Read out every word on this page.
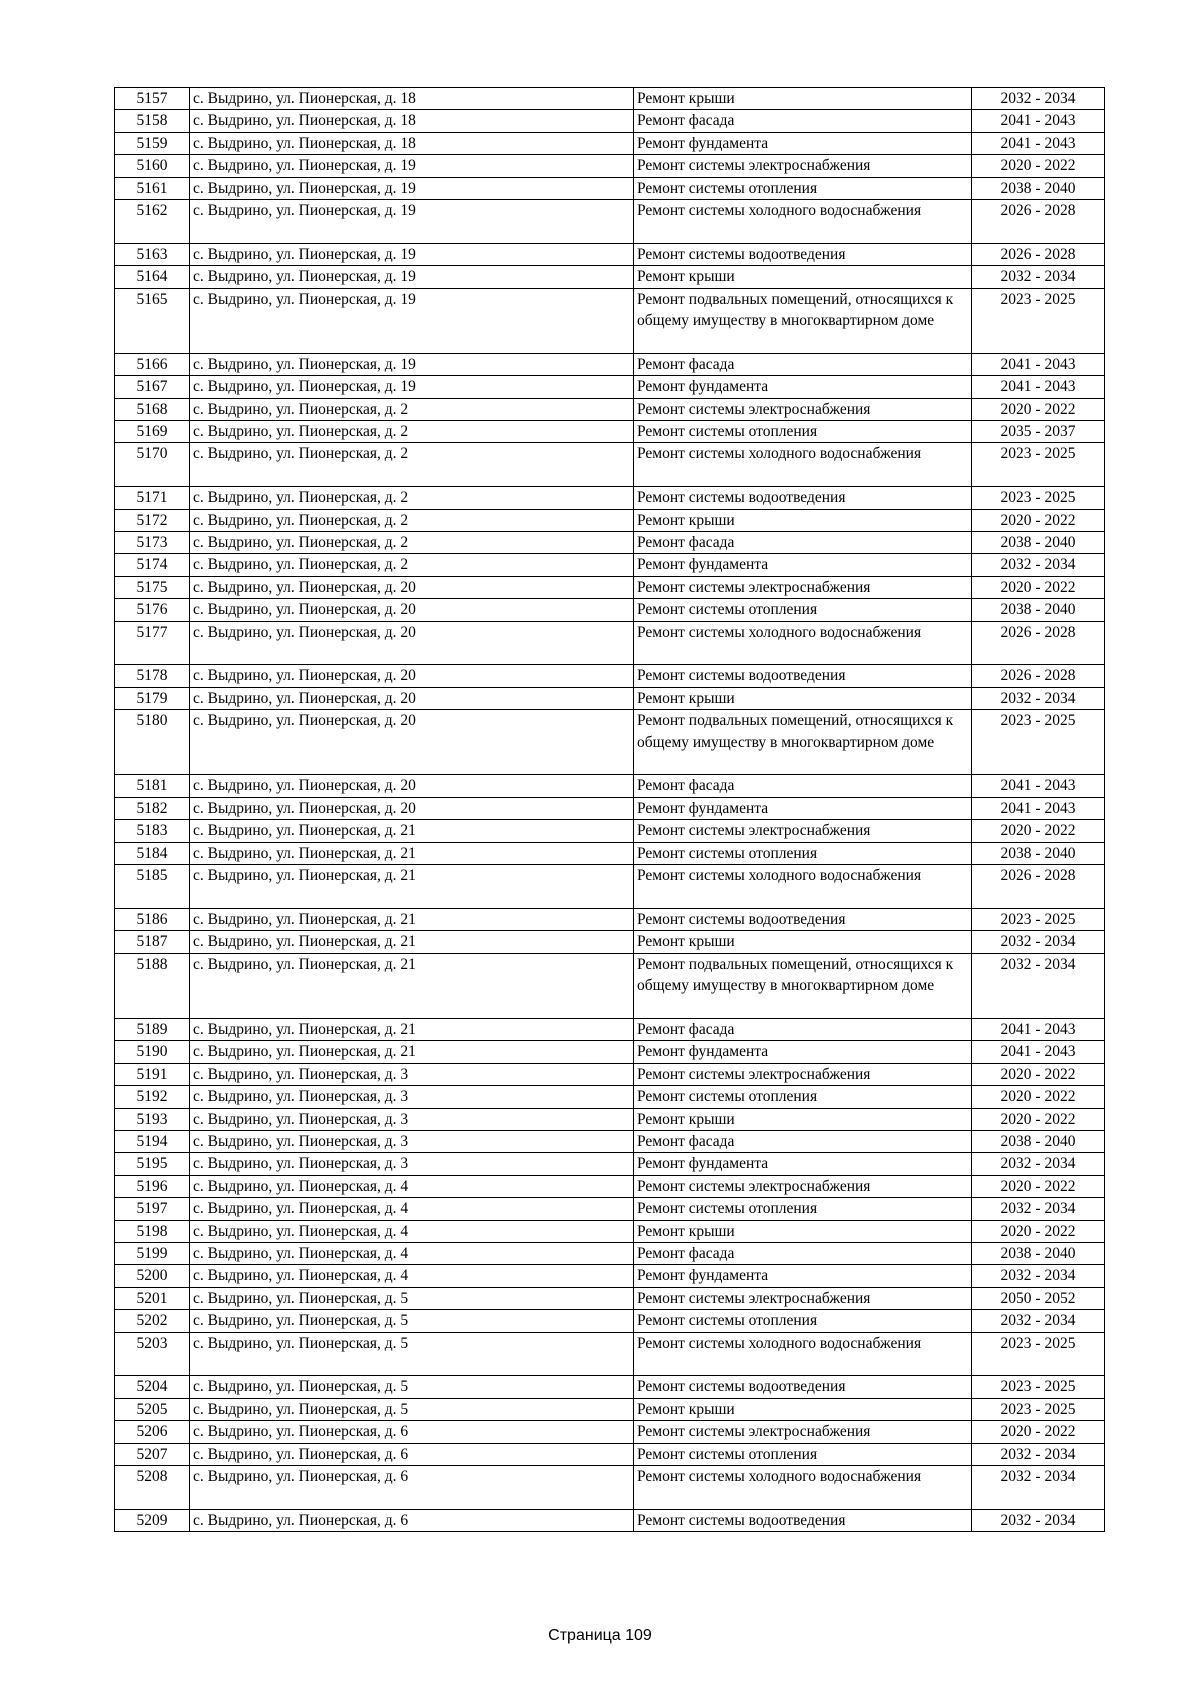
5157	с. Выдрино, ул. Пионерская, д. 18	Ремонт крыши	2032 - 2034
5158	с. Выдрино, ул. Пионерская, д. 18	Ремонт фасада	2041 - 2043
5159	с. Выдрино, ул. Пионерская, д. 18	Ремонт фундамента	2041 - 2043
5160	с. Выдрино, ул. Пионерская, д. 19	Ремонт системы электроснабжения	2020 - 2022
5161	с. Выдрино, ул. Пионерская, д. 19	Ремонт системы отопления	2038 - 2040
5162	с. Выдрино, ул. Пионерская, д. 19	Ремонт системы холодного водоснабжения	2026 - 2028
5163	с. Выдрино, ул. Пионерская, д. 19	Ремонт системы водоотведения	2026 - 2028
5164	с. Выдрино, ул. Пионерская, д. 19	Ремонт крыши	2032 - 2034
5165	с. Выдрино, ул. Пионерская, д. 19	Ремонт подвальных помещений, относящихся к общему имуществу в многоквартирном доме	2023 - 2025
5166	с. Выдрино, ул. Пионерская, д. 19	Ремонт фасада	2041 - 2043
5167	с. Выдрино, ул. Пионерская, д. 19	Ремонт фундамента	2041 - 2043
5168	с. Выдрино, ул. Пионерская, д. 2	Ремонт системы электроснабжения	2020 - 2022
5169	с. Выдрино, ул. Пионерская, д. 2	Ремонт системы отопления	2035 - 2037
5170	с. Выдрино, ул. Пионерская, д. 2	Ремонт системы холодного водоснабжения	2023 - 2025
5171	с. Выдрино, ул. Пионерская, д. 2	Ремонт системы водоотведения	2023 - 2025
5172	с. Выдрино, ул. Пионерская, д. 2	Ремонт крыши	2020 - 2022
5173	с. Выдрино, ул. Пионерская, д. 2	Ремонт фасада	2038 - 2040
5174	с. Выдрино, ул. Пионерская, д. 2	Ремонт фундамента	2032 - 2034
5175	с. Выдрино, ул. Пионерская, д. 20	Ремонт системы электроснабжения	2020 - 2022
5176	с. Выдрино, ул. Пионерская, д. 20	Ремонт системы отопления	2038 - 2040
5177	с. Выдрино, ул. Пионерская, д. 20	Ремонт системы холодного водоснабжения	2026 - 2028
5178	с. Выдрино, ул. Пионерская, д. 20	Ремонт системы водоотведения	2026 - 2028
5179	с. Выдрино, ул. Пионерская, д. 20	Ремонт крыши	2032 - 2034
5180	с. Выдрино, ул. Пионерская, д. 20	Ремонт подвальных помещений, относящихся к общему имуществу в многоквартирном доме	2023 - 2025
5181	с. Выдрино, ул. Пионерская, д. 20	Ремонт фасада	2041 - 2043
5182	с. Выдрино, ул. Пионерская, д. 20	Ремонт фундамента	2041 - 2043
5183	с. Выдрино, ул. Пионерская, д. 21	Ремонт системы электроснабжения	2020 - 2022
5184	с. Выдрино, ул. Пионерская, д. 21	Ремонт системы отопления	2038 - 2040
5185	с. Выдрино, ул. Пионерская, д. 21	Ремонт системы холодного водоснабжения	2026 - 2028
5186	с. Выдрино, ул. Пионерская, д. 21	Ремонт системы водоотведения	2023 - 2025
5187	с. Выдрино, ул. Пионерская, д. 21	Ремонт крыши	2032 - 2034
5188	с. Выдрино, ул. Пионерская, д. 21	Ремонт подвальных помещений, относящихся к общему имуществу в многоквартирном доме	2032 - 2034
5189	с. Выдрино, ул. Пионерская, д. 21	Ремонт фасада	2041 - 2043
5190	с. Выдрино, ул. Пионерская, д. 21	Ремонт фундамента	2041 - 2043
5191	с. Выдрино, ул. Пионерская, д. 3	Ремонт системы электроснабжения	2020 - 2022
5192	с. Выдрино, ул. Пионерская, д. 3	Ремонт системы отопления	2020 - 2022
5193	с. Выдрино, ул. Пионерская, д. 3	Ремонт крыши	2020 - 2022
5194	с. Выдрино, ул. Пионерская, д. 3	Ремонт фасада	2038 - 2040
5195	с. Выдрино, ул. Пионерская, д. 3	Ремонт фундамента	2032 - 2034
5196	с. Выдрино, ул. Пионерская, д. 4	Ремонт системы электроснабжения	2020 - 2022
5197	с. Выдрино, ул. Пионерская, д. 4	Ремонт системы отопления	2032 - 2034
5198	с. Выдрино, ул. Пионерская, д. 4	Ремонт крыши	2020 - 2022
5199	с. Выдрино, ул. Пионерская, д. 4	Ремонт фасада	2038 - 2040
5200	с. Выдрино, ул. Пионерская, д. 4	Ремонт фундамента	2032 - 2034
5201	с. Выдрино, ул. Пионерская, д. 5	Ремонт системы электроснабжения	2050 - 2052
5202	с. Выдрино, ул. Пионерская, д. 5	Ремонт системы отопления	2032 - 2034
5203	с. Выдрино, ул. Пионерская, д. 5	Ремонт системы холодного водоснабжения	2023 - 2025
5204	с. Выдрино, ул. Пионерская, д. 5	Ремонт системы водоотведения	2023 - 2025
5205	с. Выдрино, ул. Пионерская, д. 5	Ремонт крыши	2023 - 2025
5206	с. Выдрино, ул. Пионерская, д. 6	Ремонт системы электроснабжения	2020 - 2022
5207	с. Выдрино, ул. Пионерская, д. 6	Ремонт системы отопления	2032 - 2034
5208	с. Выдрино, ул. Пионерская, д. 6	Ремонт системы холодного водоснабжения	2032 - 2034
5209	с. Выдрино, ул. Пионерская, д. 6	Ремонт системы водоотведения	2032 - 2034
Страница 109
